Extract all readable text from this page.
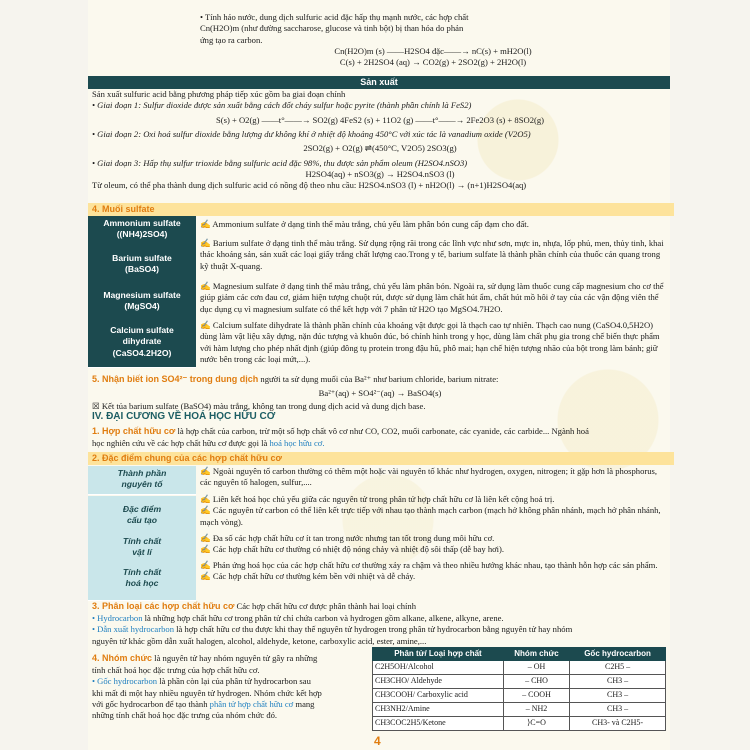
• Tính háo nước, dung dịch sulfuric acid đặc hấp thụ mạnh nước, các hợp chất
Cn(H2O)m (như đường saccharose, glucose và tinh bột) bị than hóa do phản
ứng tạo ra carbon.
Cn(H2O)m (s) ——H2SO4 đặc——→ nC(s) + mH2O(l)
C(s) + 2H2SO4 (aq) → CO2(g) + 2SO2(g) + 2H2O(l)
Sản xuất
Sản xuất sulfuric acid bằng phương pháp tiếp xúc gồm ba giai đoạn chính
• Giai đoạn 1: Sulfur dioxide được sản xuất bằng cách đốt cháy sulfur hoặc pyrite (thành phần chính là FeS2)
S(s) + O2(g) ——t°——→ SO2(g) 4FeS2 (s) + 11O2 (g) ——t°——→ 2Fe2O3 (s) + 8SO2(g)
• Giai đoạn 2: Oxi hoá sulfur dioxide bằng lượng dư không khí ở nhiệt độ khoảng 450°C với xúc tác là vanadium oxide (V2O5)
2SO2(g) + O2(g) ⇌(450°C, V2O5) 2SO3(g)
• Giai đoạn 3: Hấp thụ sulfur trioxide bằng sulfuric acid đặc 98%, thu được sản phẩm oleum (H2SO4.nSO3)
H2SO4(aq) + nSO3(g) → H2SO4.nSO3 (l)
Từ oleum, có thể pha thành dung dịch sulfuric acid có nồng độ theo nhu cầu: H2SO4.nSO3 (l) + nH2O(l) → (n+1)H2SO4(aq)
4. Muối sulfate
Ammonium sulfate
((NH4)2SO4)
✍ Ammonium sulfate ở dạng tinh thể màu trắng, chủ yếu làm phân bón cung cấp đạm cho đất.
Barium sulfate
(BaSO4)
✍ Barium sulfate ở dạng tinh thể màu trắng. Sử dụng rộng rãi trong các lĩnh vực như sơn, mực in, nhựa, lốp phủ, men, thủy tinh, khai thác khoáng sản, sản xuất các loại giấy trắng chất lượng cao.Trong y tế, barium sulfate là thành phần chính của thuốc cản quang trong kỹ thuật X-quang.
Magnesium sulfate
(MgSO4)
✍ Magnesium sulfate ở dạng tinh thể màu trắng, chủ yếu làm phân bón. Ngoài ra, sử dụng làm thuốc cung cấp magnesium cho cơ thể giúp giảm các cơn đau cơ, giảm hiện tượng chuột rút, được sử dụng làm chất hút ẩm, chất hút mồ hôi ở tay của các vận động viên thể dục dụng cụ vì magnesium sulfate có thể kết hợp với 7 phân tử H2O tạo MgSO4.7H2O.
Calcium sulfate
dihydrate
(CaSO4.2H2O)
✍ Calcium sulfate dihydrate là thành phần chính của khoáng vật được gọi là thạch cao tự nhiên. Thạch cao nung (CaSO4.0,5H2O) dùng làm vật liệu xây dựng, nặn đúc tượng và khuôn đúc, bó chỉnh hình trong y học, dùng làm chất phụ gia trong chế biến thực phẩm với hàm lượng cho phép nhất định (giúp đông tụ protein trong đậu hũ, phô mai; hạn chế hiện tượng nhão của bột trong làm bánh; giữ nước bên trong các loại mứt,...).
5. Nhận biết ion SO4²⁻ trong dung dịch người ta sử dụng muối của Ba²⁺ như barium chloride, barium nitrate:
Ba²⁺(aq) + SO4²⁻(aq) → BaSO4(s)
☒ Kết tủa barium sulfate (BaSO4) màu trắng, không tan trong dung dịch acid và dung dịch base.
IV. ĐẠI CƯƠNG VỀ HOÁ HỌC HỮU CƠ
1. Hợp chất hữu cơ là hợp chất của carbon, trừ một số hợp chất vô cơ như CO, CO2, muối carbonate, các cyanide, các carbide... Ngành hoá
học nghiên cứu về các hợp chất hữu cơ được gọi là hoá học hữu cơ.
2. Đặc điểm chung của các hợp chất hữu cơ
Thành phần
nguyên tố
✍ Ngoài nguyên tố carbon thường có thêm một hoặc vài nguyên tố khác như hydrogen, oxygen, nitrogen; ít gặp hơn là phosphorus, các nguyên tố halogen, sulfur,....
Đặc điểm
cấu tạo
✍ Liên kết hoá học chủ yếu giữa các nguyên tử trong phân tử hợp chất hữu cơ là liên kết cộng hoá trị.
✍ Các nguyên tử carbon có thể liên kết trực tiếp với nhau tạo thành mạch carbon (mạch hở không phân nhánh, mạch hở phân nhánh, mạch vòng).
Tính chất
vật lí
✍ Đa số các hợp chất hữu cơ ít tan trong nước nhưng tan tốt trong dung môi hữu cơ.
✍ Các hợp chất hữu cơ thường có nhiệt độ nóng chảy và nhiệt độ sôi thấp (dễ bay hơi).
Tính chất
hoá học
✍ Phản ứng hoá học của các hợp chất hữu cơ thường xảy ra chậm và theo nhiều hướng khác nhau, tạo thành hỗn hợp các sản phẩm.
✍ Các hợp chất hữu cơ thường kém bền với nhiệt và dễ cháy.
3. Phân loại các hợp chất hữu cơ Các hợp chất hữu cơ được phân thành hai loại chính
• Hydrocarbon là những hợp chất hữu cơ trong phân tử chỉ chứa carbon và hydrogen gồm alkane, alkene, alkyne, arene.
• Dẫn xuất hydrocarbon là hợp chất hữu cơ thu được khi thay thế nguyên tử hydrogen trong phân tử hydrocarbon bằng nguyên tử hay nhóm
nguyên tử khác gồm dẫn xuất halogen, alcohol, aldehyde, ketone, carboxylic acid, ester, amine,...
4. Nhóm chức là nguyên tử hay nhóm nguyên tử gây ra những
tính chất hoá học đặc trưng của hợp chất hữu cơ.
• Gốc hydrocarbon là phần còn lại của phân tử hydrocarbon sau
khi mất đi một hay nhiều nguyên tử hydrogen. Nhóm chức kết hợp
với gốc hydrocarbon để tạo thành phân tử hợp chất hữu cơ mang
những tính chất hoá học đặc trưng của nhóm chức đó.
Phân tử/ Loại hợp chất	Nhóm chức	Gốc hydrocarbon
C2H5OH/Alcohol	– OH	C2H5 –
CH3CHO/ Aldehyde	– CHO	CH3 –
CH3COOH/ Carboxylic acid	– COOH	CH3 –
CH3NH2/Amine	– NH2	CH3 –
CH3COC2H5/Ketone	⟩C=O	CH3- và C2H5-
4
